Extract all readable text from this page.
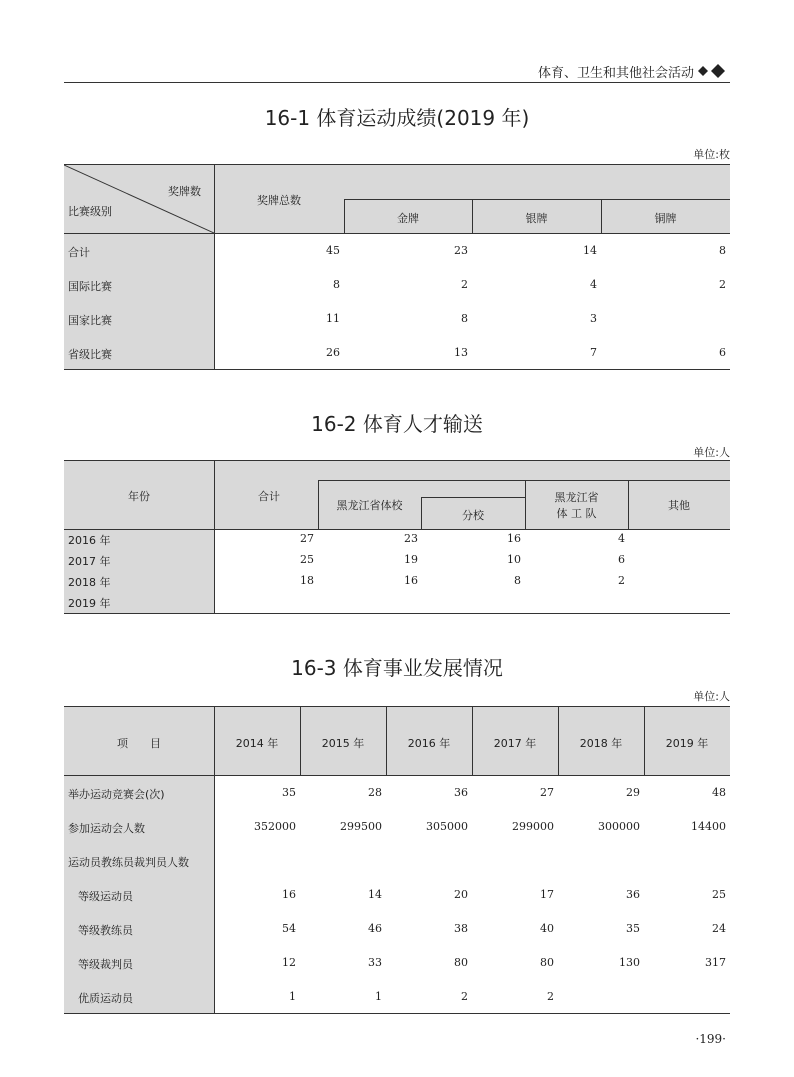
体育、卫生和其他社会活动
16-1 体育运动成绩(2019 年)
单位:枚
奖牌数
比赛级别
奖牌总数
金牌	银牌	铜牌
合计	45	23	14	8
国际比赛	8	2	4	2
国家比赛	11	8	3
省级比赛	26	13	7	6
16-2 体育人才输送
单位:人
年份	合计
黑龙江省体校
分校
黑龙江省
体 工 队
其他
2016 年	27	23	16	4
2017 年	25	19	10	6
2018 年	18	16	8	2
2019 年
16-3 体育事业发展情况
单位:人
项　　目	2014 年	2015 年	2016 年	2017 年	2018 年	2019 年
举办运动竞赛会(次)	35	28	36	27	29	48
参加运动会人数	352000	299500	305000	299000	300000	14400
运动员教练员裁判员人数
等级运动员	16	14	20	17	36	25
等级教练员	54	46	38	40	35	24
等级裁判员	12	33	80	80	130	317
优质运动员	1	1	2	2
·199·
